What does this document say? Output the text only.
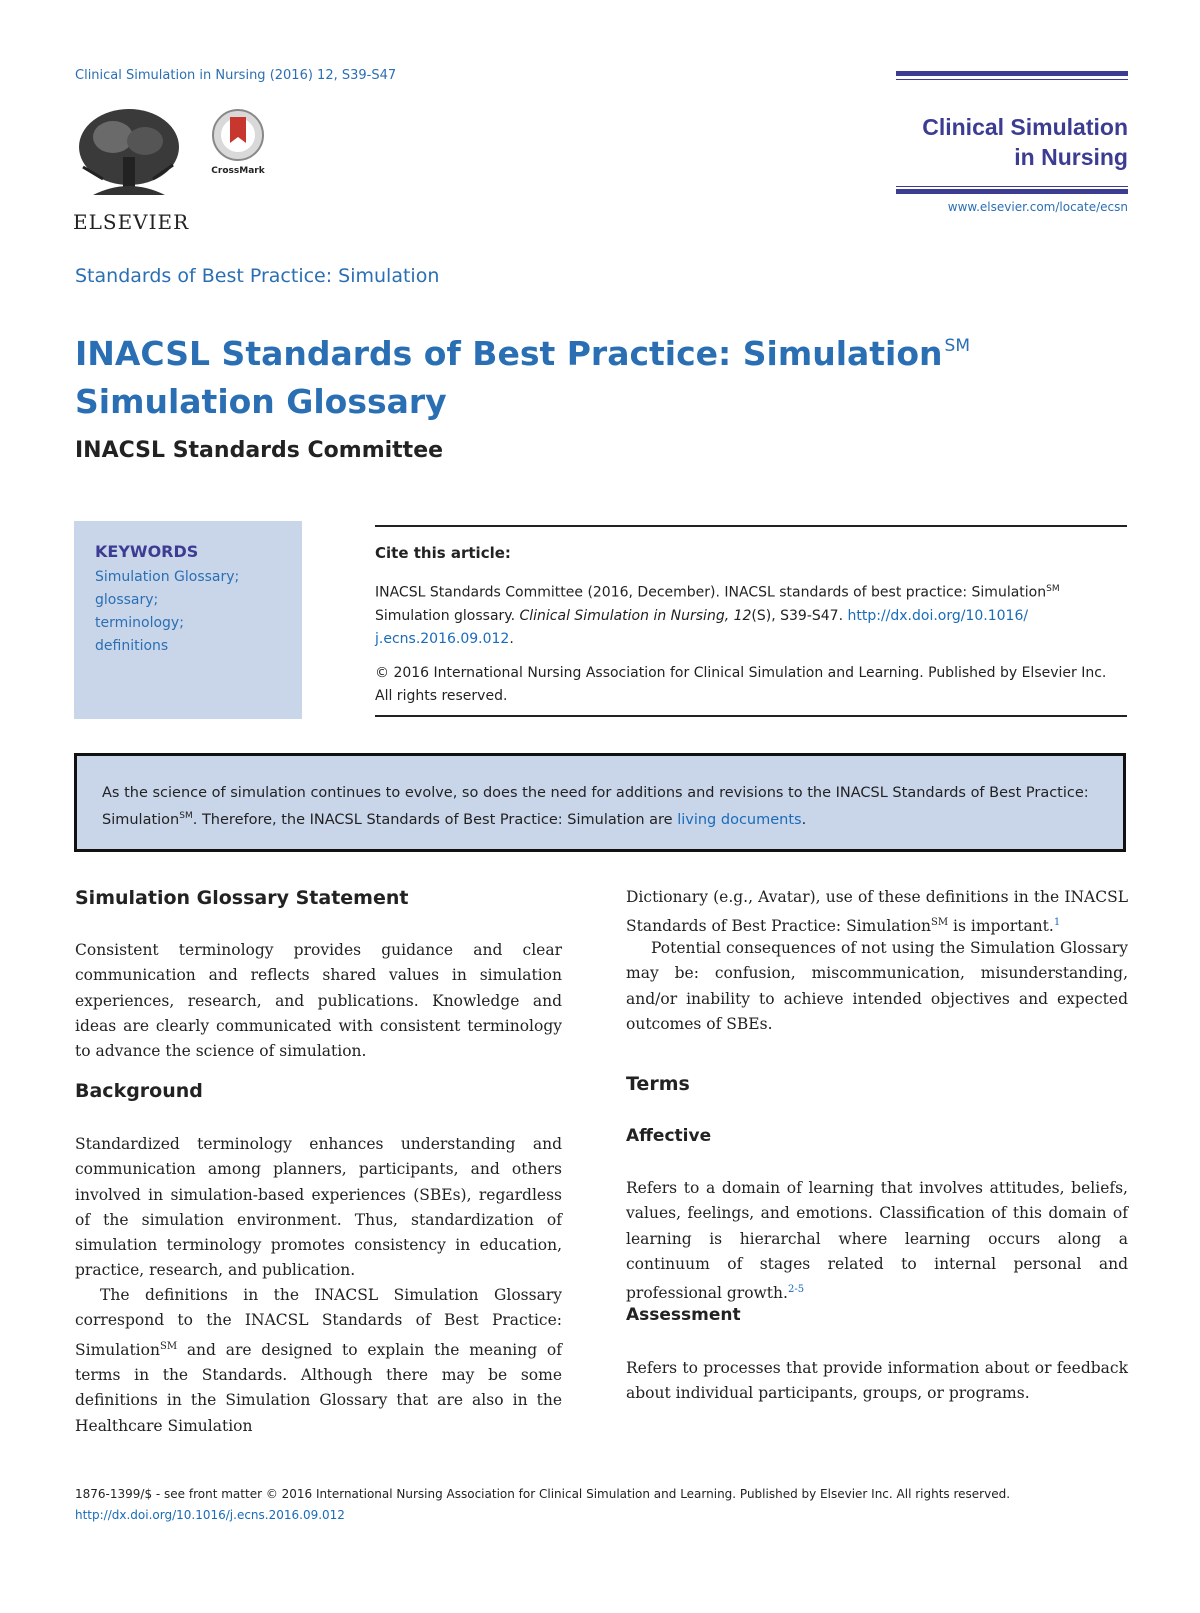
Clinical Simulation in Nursing (2016) 12, S39-S47
ELSEVIER
CrossMark
Clinical Simulation
in Nursing
www.elsevier.com/locate/ecsn
Standards of Best Practice: Simulation
INACSL Standards of Best Practice: Simulation ℠
Simulation Glossary
INACSL Standards Committee
KEYWORDS
Simulation Glossary;
glossary;
terminology;
definitions
Cite this article:
INACSL Standards Committee (2016, December). INACSL standards of best practice: Simulation℠ Simulation glossary. Clinical Simulation in Nursing, 12(S), S39-S47. http://dx.doi.org/10.1016/ j.ecns.2016.09.012.
© 2016 International Nursing Association for Clinical Simulation and Learning. Published by Elsevier Inc. All rights reserved.
As the science of simulation continues to evolve, so does the need for additions and revisions to the INACSL Standards of Best Practice: Simulation℠. Therefore, the INACSL Standards of Best Practice: Simulation are living documents.
Simulation Glossary Statement
Consistent terminology provides guidance and clear communication and reflects shared values in simulation experiences, research, and publications. Knowledge and ideas are clearly communicated with consistent terminology to advance the science of simulation.
Background
Standardized terminology enhances understanding and communication among planners, participants, and others involved in simulation-based experiences (SBEs), regardless of the simulation environment. Thus, standardization of simulation terminology promotes consistency in education, practice, research, and publication.
The definitions in the INACSL Simulation Glossary correspond to the INACSL Standards of Best Practice: Simulation℠ and are designed to explain the meaning of terms in the Standards. Although there may be some definitions in the Simulation Glossary that are also in the Healthcare Simulation
Dictionary (e.g., Avatar), use of these definitions in the INACSL Standards of Best Practice: Simulation℠ is important.$^1$
Potential consequences of not using the Simulation Glossary may be: confusion, miscommunication, misunderstanding, and/or inability to achieve intended objectives and expected outcomes of SBEs.
Terms
Affective
Refers to a domain of learning that involves attitudes, beliefs, values, feelings, and emotions. Classification of this domain of learning is hierarchal where learning occurs along a continuum of stages related to internal personal and professional growth.$^{2-5}$
Assessment
Refers to processes that provide information about or feedback about individual participants, groups, or programs.
1876-1399/$ - see front matter © 2016 International Nursing Association for Clinical Simulation and Learning. Published by Elsevier Inc. All rights reserved.
http://dx.doi.org/10.1016/j.ecns.2016.09.012
